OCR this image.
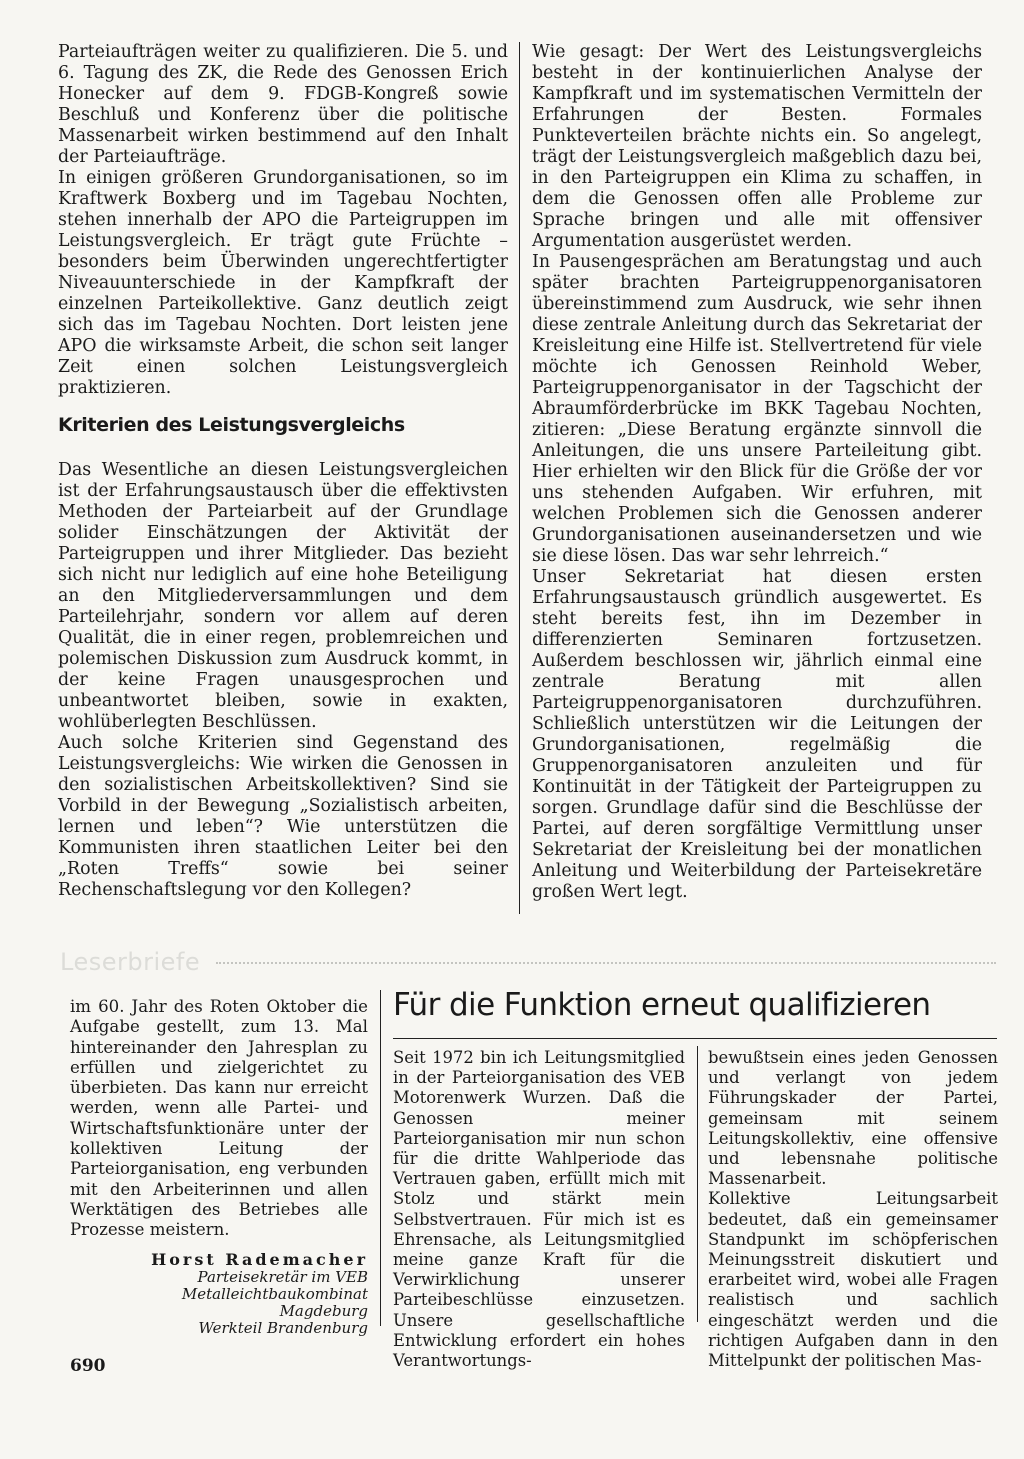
Parteiaufträgen weiter zu qualifizieren. Die 5. und 6. Tagung des ZK, die Rede des Genossen Erich Honecker auf dem 9. FDGB-Kongreß sowie Beschluß und Konferenz über die politische Massenarbeit wirken bestimmend auf den Inhalt der Parteiaufträge.

In einigen größeren Grundorganisationen, so im Kraftwerk Boxberg und im Tagebau Nochten, stehen innerhalb der APO die Parteigruppen im Leistungsvergleich. Er trägt gute Früchte – besonders beim Überwinden ungerechtfertigter Niveauunterschiede in der Kampfkraft der einzelnen Parteikollektive. Ganz deutlich zeigt sich das im Tagebau Nochten. Dort leisten jene APO die wirksamste Arbeit, die schon seit langer Zeit einen solchen Leistungsvergleich praktizieren.

Kriterien des Leistungsvergleichs

Das Wesentliche an diesen Leistungsvergleichen ist der Erfahrungsaustausch über die effektivsten Methoden der Parteiarbeit auf der Grundlage solider Einschätzungen der Aktivität der Parteigruppen und ihrer Mitglieder. Das bezieht sich nicht nur lediglich auf eine hohe Beteiligung an den Mitgliederversammlungen und dem Parteilehrjahr, sondern vor allem auf deren Qualität, die in einer regen, problemreichen und polemischen Diskussion zum Ausdruck kommt, in der keine Fragen unausgesprochen und unbeantwortet bleiben, sowie in exakten, wohlüberlegten Beschlüssen.

Auch solche Kriterien sind Gegenstand des Leistungsvergleichs: Wie wirken die Genossen in den sozialistischen Arbeitskollektiven? Sind sie Vorbild in der Bewegung „Sozialistisch arbeiten, lernen und leben“? Wie unterstützen die Kommunisten ihren staatlichen Leiter bei den „Roten Treffs“ sowie bei seiner Rechenschaftslegung vor den Kollegen?

Wie gesagt: Der Wert des Leistungsvergleichs besteht in der kontinuierlichen Analyse der Kampfkraft und im systematischen Vermitteln der Erfahrungen der Besten. Formales Punkteverteilen brächte nichts ein. So angelegt, trägt der Leistungsvergleich maßgeblich dazu bei, in den Parteigruppen ein Klima zu schaffen, in dem die Genossen offen alle Probleme zur Sprache bringen und alle mit offensiver Argumentation ausgerüstet werden.

In Pausengesprächen am Beratungstag und auch später brachten Parteigruppenorganisatoren übereinstimmend zum Ausdruck, wie sehr ihnen diese zentrale Anleitung durch das Sekretariat der Kreisleitung eine Hilfe ist. Stellvertretend für viele möchte ich Genossen Reinhold Weber, Parteigruppenorganisator in der Tagschicht der Abraumförderbrücke im BKK Tagebau Nochten, zitieren: „Diese Beratung ergänzte sinnvoll die Anleitungen, die uns unsere Parteileitung gibt. Hier erhielten wir den Blick für die Größe der vor uns stehenden Aufgaben. Wir erfuhren, mit welchen Problemen sich die Genossen anderer Grundorganisationen auseinandersetzen und wie sie diese lösen. Das war sehr lehrreich.“

Unser Sekretariat hat diesen ersten Erfahrungsaustausch gründlich ausgewertet. Es steht bereits fest, ihn im Dezember in differenzierten Seminaren fortzusetzen. Außerdem beschlossen wir, jährlich einmal eine zentrale Beratung mit allen Parteigruppenorganisatoren durchzuführen. Schließlich unterstützen wir die Leitungen der Grundorganisationen, regelmäßig die Gruppenorganisatoren anzuleiten und für Kontinuität in der Tätigkeit der Parteigruppen zu sorgen. Grundlage dafür sind die Beschlüsse der Partei, auf deren sorgfältige Vermittlung unser Sekretariat der Kreisleitung bei der monatlichen Anleitung und Weiterbildung der Parteisekretäre großen Wert legt.

Leserbriefe

im 60. Jahr des Roten Oktober die Aufgabe gestellt, zum 13. Mal hintereinander den Jahresplan zu erfüllen und zielgerichtet zu überbieten. Das kann nur erreicht werden, wenn alle Partei- und Wirtschaftsfunktionäre unter der kollektiven Leitung der Parteiorganisation, eng verbunden mit den Arbeiterinnen und allen Werktätigen des Betriebes alle Prozesse meistern.

Horst Rademacher
Parteisekretär im VEB
Metalleichtbaukombinat
Magdeburg
Werkteil Brandenburg
Für die Funktion erneut qualifizieren

Seit 1972 bin ich Leitungsmitglied in der Parteiorganisation des VEB Motorenwerk Wurzen. Daß die Genossen meiner Parteiorganisation mir nun schon für die dritte Wahlperiode das Vertrauen gaben, erfüllt mich mit Stolz und stärkt mein Selbstvertrauen. Für mich ist es Ehrensache, als Leitungsmitglied meine ganze Kraft für die Verwirklichung unserer Parteibeschlüsse einzusetzen. Unsere gesellschaftliche Entwicklung erfordert ein hohes Verantwortungs-

bewußtsein eines jeden Genossen und verlangt von jedem Führungskader der Partei, gemeinsam mit seinem Leitungskollektiv, eine offensive und lebensnahe politische Massenarbeit.

Kollektive Leitungsarbeit bedeutet, daß ein gemeinsamer Standpunkt im schöpferischen Meinungsstreit diskutiert und erarbeitet wird, wobei alle Fragen realistisch und sachlich eingeschätzt werden und die richtigen Aufgaben dann in den Mittelpunkt der politischen Mas-

690
